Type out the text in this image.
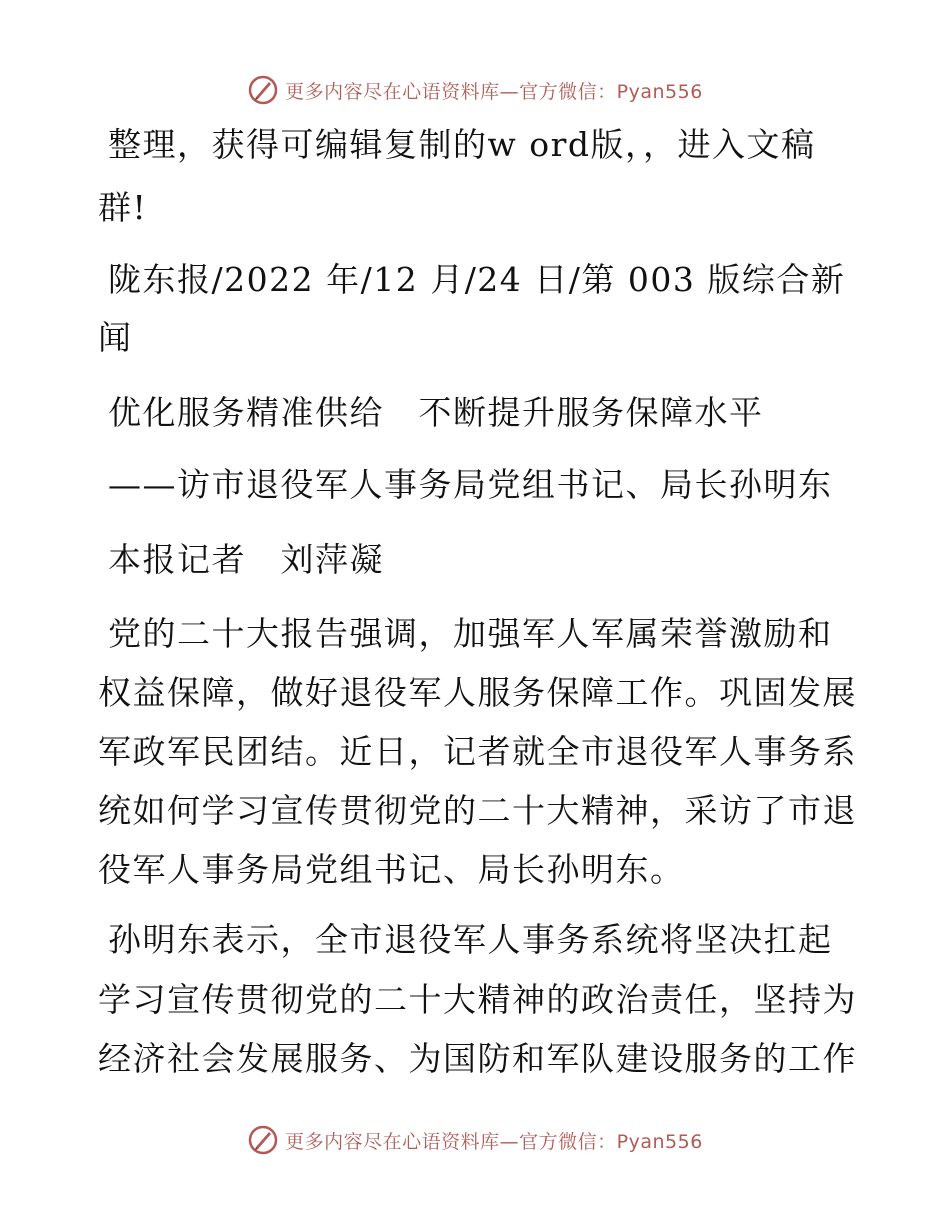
更多内容尽在心语资料库—官方微信：Pyan556
整理，获得可编辑复制的w ord版，，进入文稿
群!
陇东报/2022 年/12 月/24 日/第 003 版综合新
闻
优化服务精准供给　不断提升服务保障水平
——访市退役军人事务局党组书记、局长孙明东
本报记者　刘萍凝
党的二十大报告强调，加强军人军属荣誉激励和
权益保障，做好退役军人服务保障工作。巩固发展
军政军民团结。近日，记者就全市退役军人事务系
统如何学习宣传贯彻党的二十大精神，采访了市退
役军人事务局党组书记、局长孙明东。
孙明东表示，全市退役军人事务系统将坚决扛起
学习宣传贯彻党的二十大精神的政治责任，坚持为
经济社会发展服务、为国防和军队建设服务的工作
更多内容尽在心语资料库—官方微信：Pyan556
